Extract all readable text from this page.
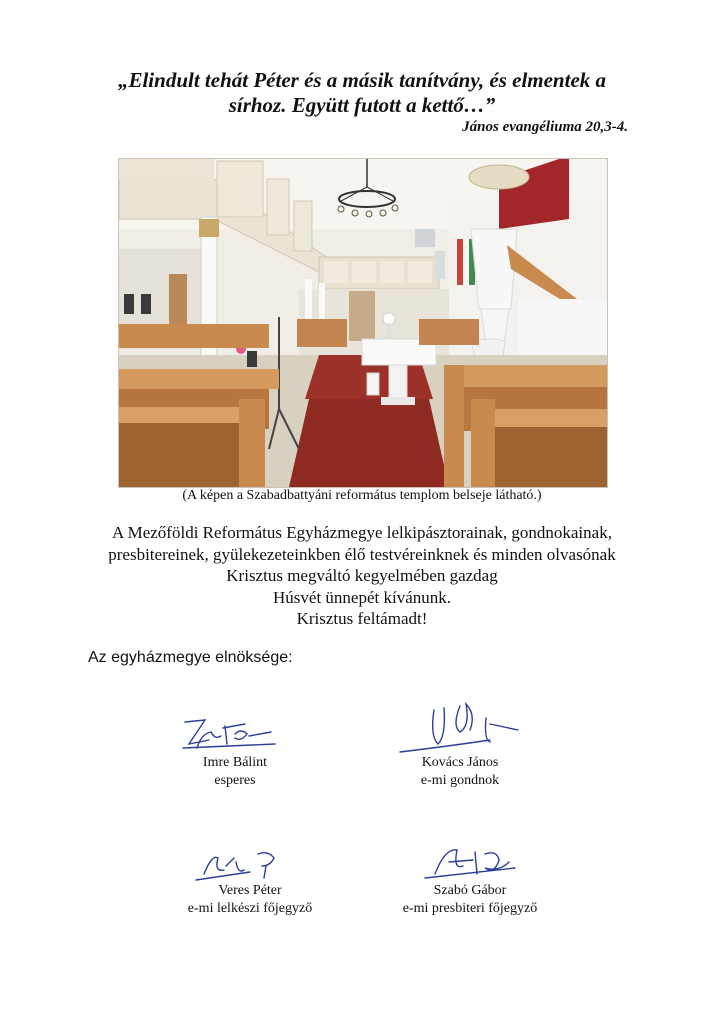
„Elindult tehát Péter és a másik tanítvány, és elmentek a
sírhoz. Együtt futott a kettő…”
János evangéliuma 20,3-4.
(A képen a Szabadbattyáni református templom belseje látható.)
A Mezőföldi Református Egyházmegye lelkipásztorainak, gondnokainak,
presbitereinek, gyülekezeteinkben élő testvéreinknek és minden olvasónak
Krisztus megváltó kegyelmében gazdag
Húsvét ünnepét kívánunk.
Krisztus feltámadt!
Az egyházmegye elnöksége:
Imre Bálint
esperes
Kovács János
e-mi gondnok
Veres Péter
e-mi lelkészi főjegyző
Szabó Gábor
e-mi presbiteri főjegyző
